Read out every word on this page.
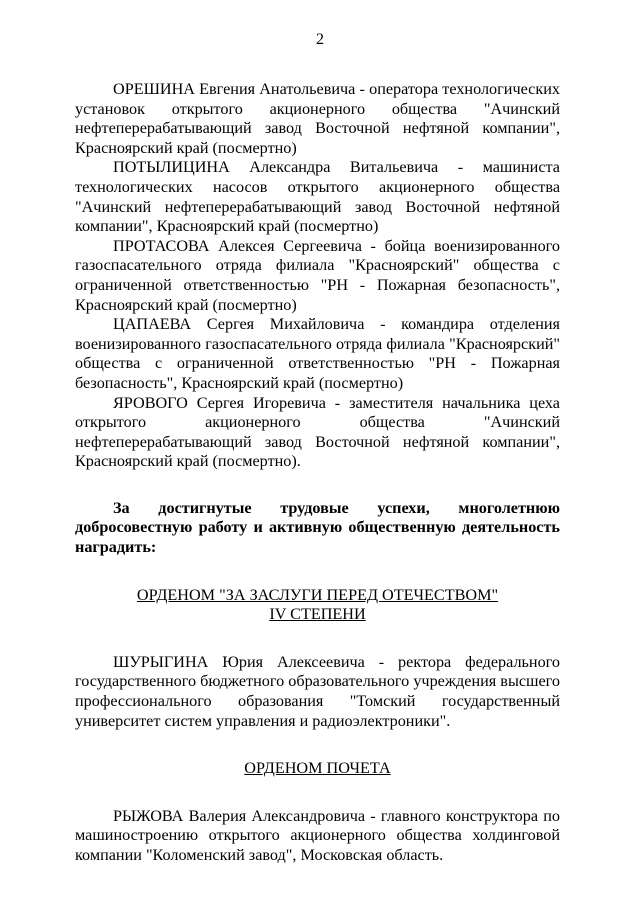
2

ОРЕШИНА Евгения Анатольевича - оператора технологических установок открытого акционерного общества "Ачинский нефтеперерабатывающий завод Восточной нефтяной компании", Красноярский край (посмертно)

ПОТЫЛИЦИНА Александра Витальевича - машиниста технологических насосов открытого акционерного общества "Ачинский нефтеперерабатывающий завод Восточной нефтяной компании", Красноярский край (посмертно)

ПРОТАСОВА Алексея Сергеевича - бойца военизированного газоспасательного отряда филиала "Красноярский" общества с ограниченной ответственностью "РН - Пожарная безопасность", Красноярский край (посмертно)

ЦАПАЕВА Сергея Михайловича - командира отделения военизированного газоспасательного отряда филиала "Красноярский" общества с ограниченной ответственностью "РН - Пожарная безопасность", Красноярский край (посмертно)

ЯРОВОГО Сергея Игоревича - заместителя начальника цеха открытого акционерного общества "Ачинский нефтеперерабатывающий завод Восточной нефтяной компании", Красноярский край (посмертно).

За достигнутые трудовые успехи, многолетнюю добросовестную работу и активную общественную деятельность наградить:

ОРДЕНОМ "ЗА ЗАСЛУГИ ПЕРЕД ОТЕЧЕСТВОМ"
IV СТЕПЕНИ

ШУРЫГИНА Юрия Алексеевича - ректора федерального государственного бюджетного образовательного учреждения высшего профессионального образования "Томский государственный университет систем управления и радиоэлектроники".

ОРДЕНОМ ПОЧЕТА

РЫЖОВА Валерия Александровича - главного конструктора по машиностроению открытого акционерного общества холдинговой компании "Коломенский завод", Московская область.
